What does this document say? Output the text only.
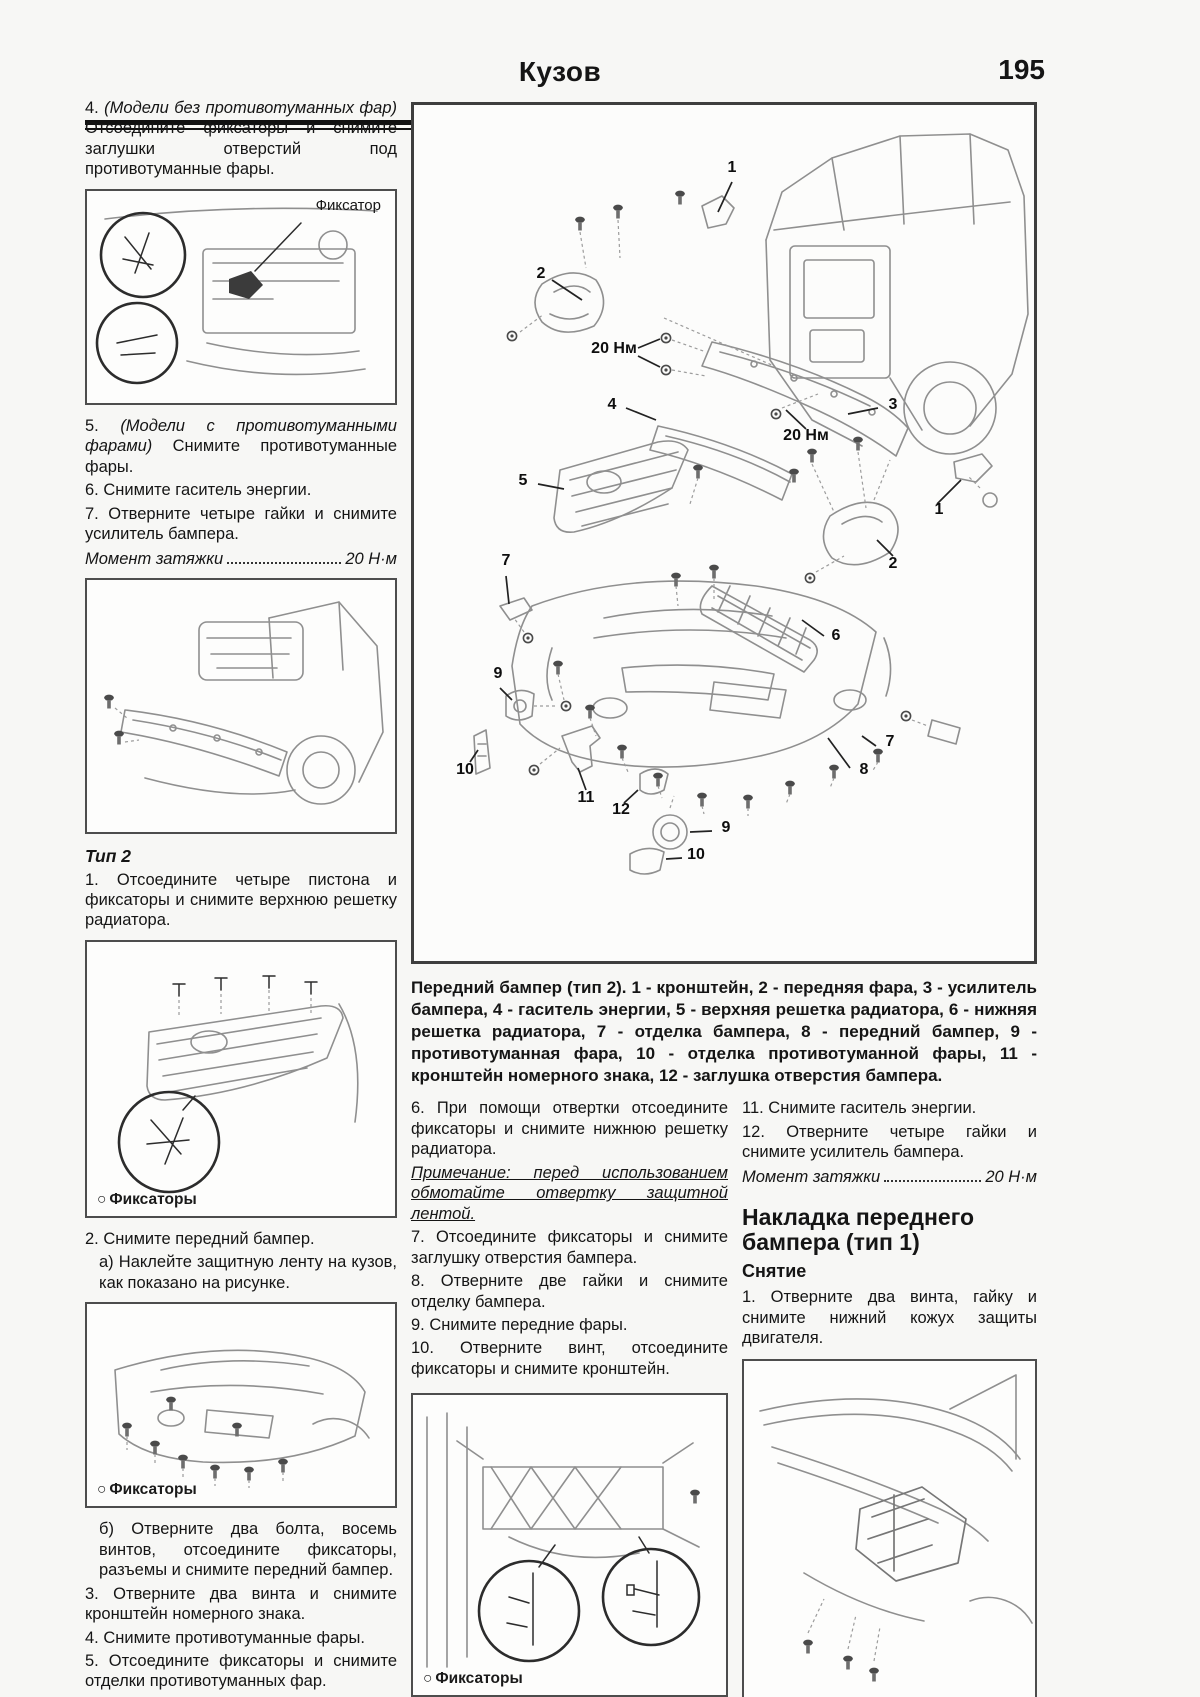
Кузов	195

4. (Модели без противотуманных фар) Отсоедините фиксаторы и снимите заглушки отверстий под противотуманные фары.

Фиксатор

5. (Модели с противотуманными фарами) Снимите противотуманные фары.

6. Снимите гаситель энергии.

7. Отверните четыре гайки и снимите усилитель бампера.

Момент затяжки	20 Н·м
Тип 2

1. Отсоедините четыре пистона и фиксаторы и снимите верхнюю решетку радиатора.

○ Фиксаторы

2. Снимите передний бампер.

а) Наклейте защитную ленту на кузов, как показано на рисунке.

○ Фиксаторы

б) Отверните два болта, восемь винтов, отсоедините фиксаторы, разъемы и снимите передний бампер.

3. Отверните два винта и снимите кронштейн номерного знака.

4. Снимите противотуманные фары.

5. Отсоедините фиксаторы и снимите отделки противотуманных фар.

1
2
20 Нм
4	3
20 Нм
5
1
2
7
6
9
10
11
12
9
10
7
8

Передний бампер (тип 2). 1 - кронштейн, 2 - передняя фара, 3 - усилитель бампера, 4 - гаситель энергии, 5 - верхняя решетка радиатора, 6 - нижняя решетка радиатора, 7 - отделка бампера, 8 - передний бампер, 9 - противотуманная фара, 10 - отделка противотуманной фары, 11 - кронштейн номерного знака, 12 - заглушка отверстия бампера.

6. При помощи отвертки отсоедините фиксаторы и снимите нижнюю решетку радиатора.

Примечание: перед использованием обмотайте отвертку защитной лентой.

7. Отсоедините фиксаторы и снимите заглушку отверстия бампера.

8. Отверните две гайки и снимите отделку бампера.

9. Снимите передние фары.

10. Отверните винт, отсоедините фиксаторы и снимите кронштейн.

○ Фиксаторы

11. Снимите гаситель энергии.

12. Отверните четыре гайки и снимите усилитель бампера.

Момент затяжки	20 Н·м
Накладка переднего бампера (тип 1)
Снятие

1. Отверните два винта, гайку и снимите нижний кожух защиты двигателя.
